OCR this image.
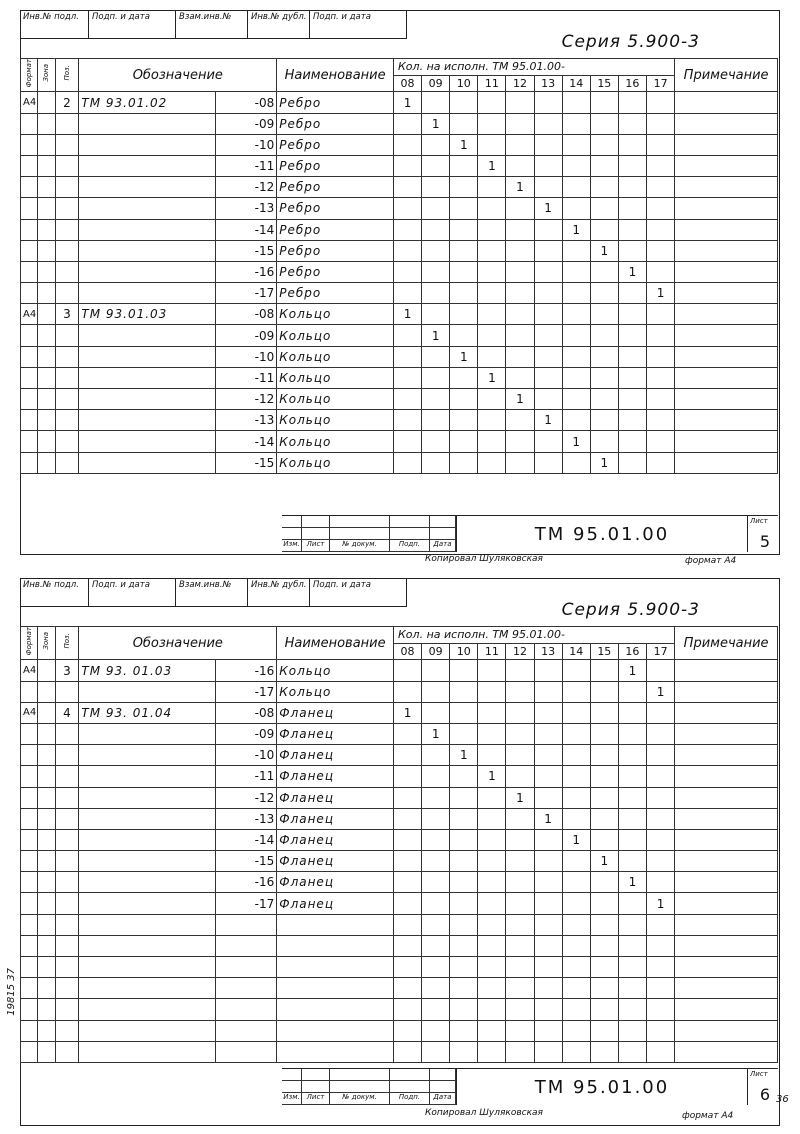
Инв.№ подл.	Подп. и дата	Взам.инв.№	Инв.№ дубл. Подп. и дата
Серия 5.900-3
Формат	Зона	Поз.	Обозначение		Наименование	Кол. на исполн. ТМ 95.01.00-										Примечание
						08	09	10	11	12	13	14	15	16	17	
А4		2	ТМ 93.01.02	-08	Ребро	1										
				-09	Ребро		1									
				-10	Ребро			1								
				-11	Ребро				1							
				-12	Ребро					1						
				-13	Ребро						1					
				-14	Ребро							1				
				-15	Ребро								1			
				-16	Ребро									1		
				-17	Ребро										1	
А4		3	ТМ 93.01.03	-08	Кольцо	1										
				-09	Кольцо		1									
				-10	Кольцо			1								
				-11	Кольцо				1							
				-12	Кольцо					1						
				-13	Кольцо						1					
				-14	Кольцо							1				
				-15	Кольцо								1			
Изм. Лист	№ докум.	Подп.	Дата	ТМ 95.01.00
Лист
5
Копировал Шуляковская	формат А4
Инв.№ подл.	Подп. и дата	Взам.инв.№	Инв.№ дубл. Подп. и дата
Серия 5.900-3
Формат	Зона	Поз.	Обозначение		Наименование	Кол. на исполн. ТМ 95.01.00-										Примечание
						08	09	10	11	12	13	14	15	16	17	
А4		3	ТМ 93. 01.03	-16	Кольцо									1		
				-17	Кольцо										1	
А4		4	ТМ 93. 01.04	-08	Фланец	1										
				-09	Фланец		1									
				-10	Фланец			1								
				-11	Фланец				1							
				-12	Фланец					1						
				-13	Фланец						1					
				-14	Фланец							1				
				-15	Фланец								1			
				-16	Фланец									1		
				-17	Фланец										1	

Изм. Лист	№ докум.	Подп.	Дата	ТМ 95.01.00
Лист
6
Копировал Шуляковская	формат А4
19815 37
36
